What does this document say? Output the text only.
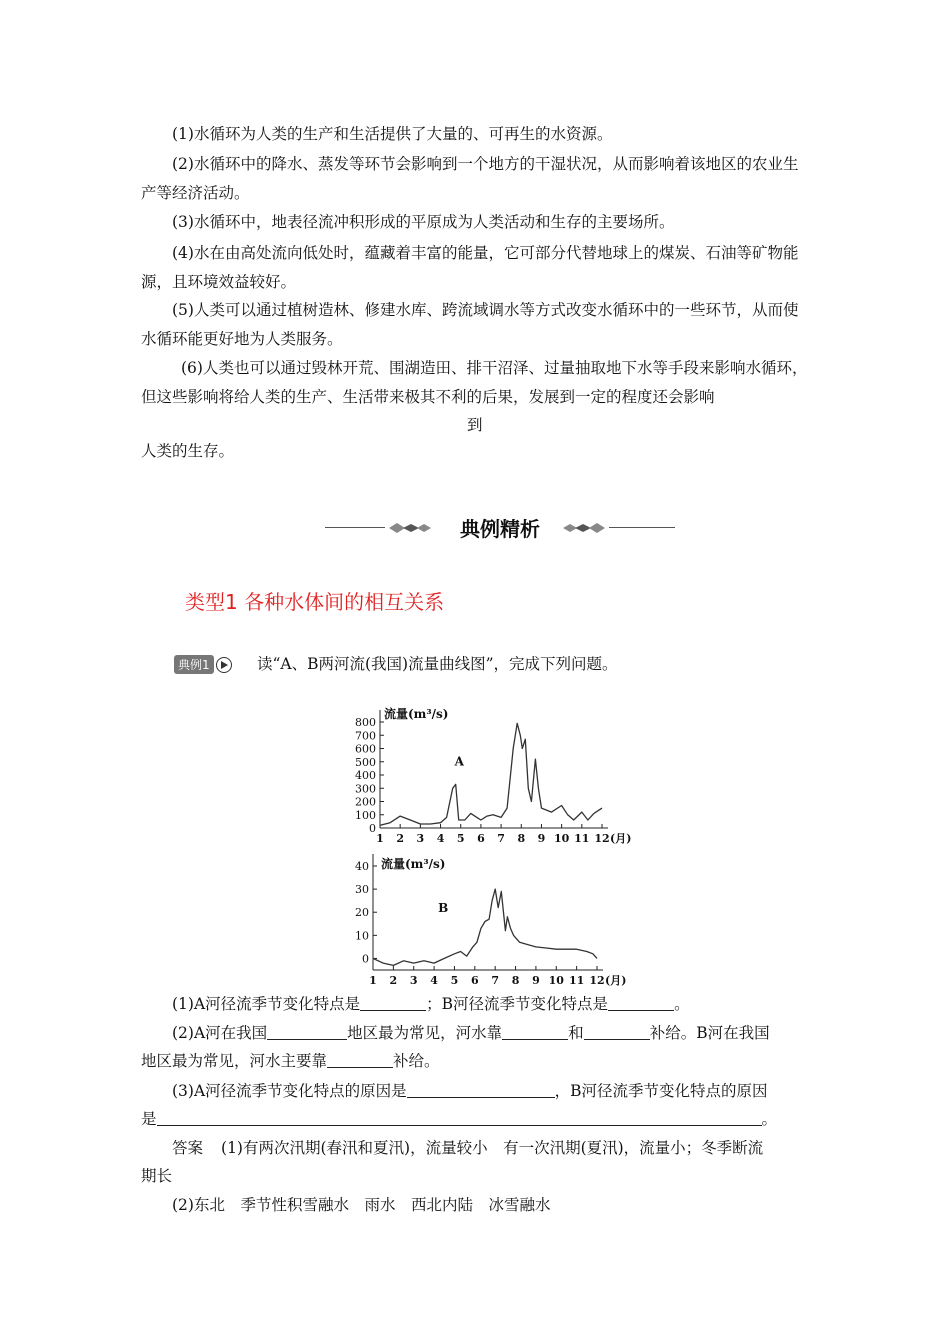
(1)水循环为人类的生产和生活提供了大量的、可再生的水资源。

(2)水循环中的降水、蒸发等环节会影响到一个地方的干湿状况，从而影响着该地区的农业生产等经济活动。

(3)水循环中，地表径流冲积形成的平原成为人类活动和生存的主要场所。

(4)水在由高处流向低处时，蕴藏着丰富的能量，它可部分代替地球上的煤炭、石油等矿物能源，且环境效益较好。

(5)人类可以通过植树造林、修建水库、跨流域调水等方式改变水循环中的一些环节，从而使水循环能更好地为人类服务。

(6)人类也可以通过毁林开荒、围湖造田、排干沼泽、过量抽取地下水等手段来影响水循环，但这些影响将给人类的生产、生活带来极其不利的后果，发展到一定的程度还会影响

到

人类的生存。

典例精析
类型1 各种水体间的相互关系
典例1	读“A、B两河流(我国)流量曲线图”，完成下列问题。
0
100
200
300
400
500
600
700
800
1 2 3 4 5 6 7 8 9 10 11 12 (月)
流量(m³/s)
A
0
10
20
30
40
1 2 3 4 5 6 7 8 9 10 11 12 (月)
流量(m³/s)
B

(1)A河径流季节变化特点是	；B河径流季节变化特点是	。

(2)A河在我国	地区最为常见，河水靠	和	补给。B河在我国

地区最为常见，河水主要靠	补给。

(3)A河径流季节变化特点的原因是	，B河径流季节变化特点的原因

是	。

答案 (1)有两次汛期(春汛和夏汛)，流量较小　有一次汛期(夏汛)，流量小；冬季断流

期长

(2)东北　季节性积雪融水　雨水　西北内陆　冰雪融水
